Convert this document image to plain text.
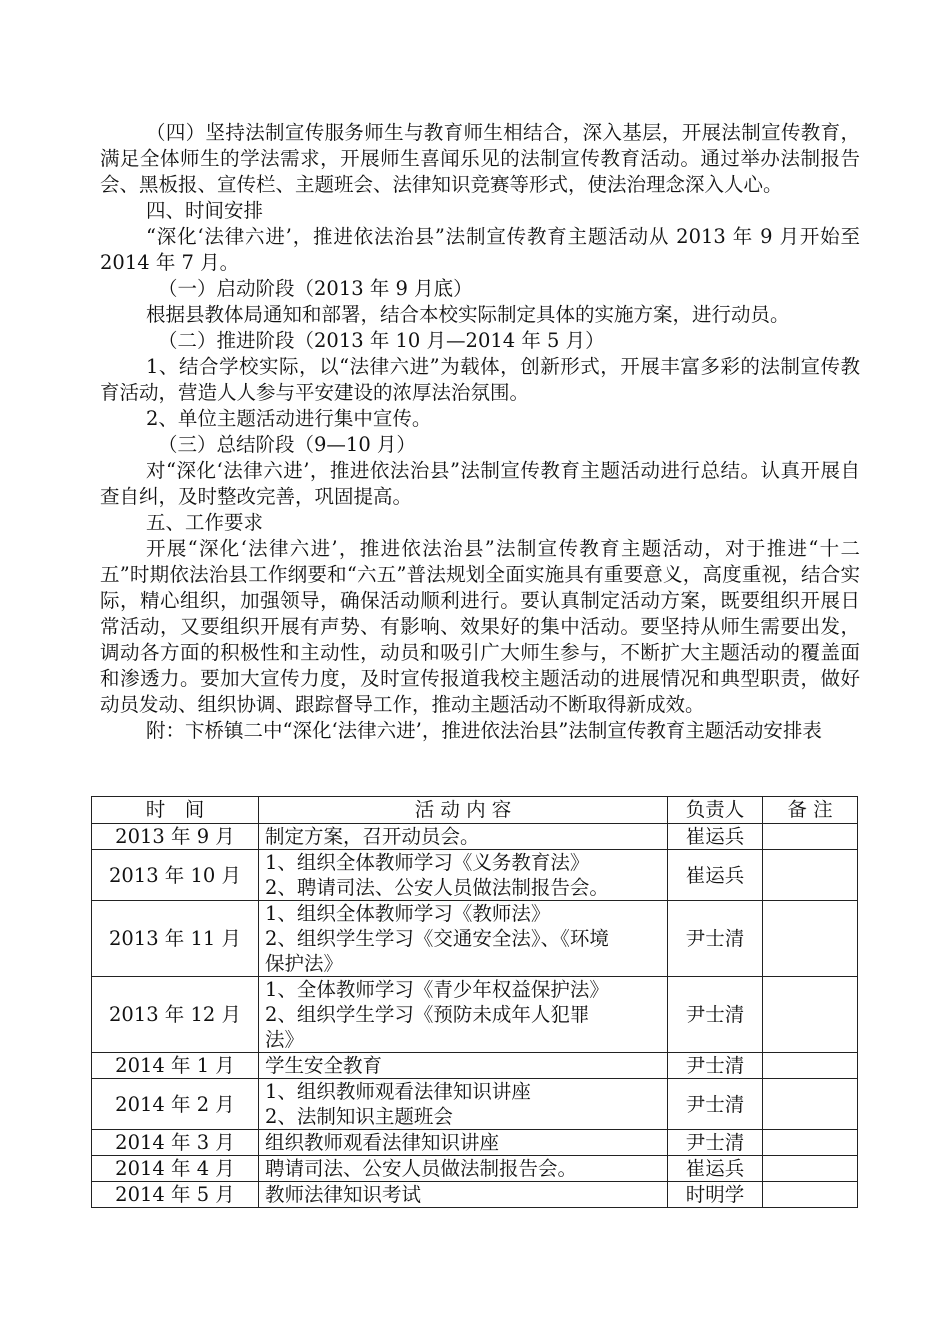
（四）坚持法制宣传服务师生与教育师生相结合，深入基层，开展法制宣传教育，满足全体师生的学法需求，开展师生喜闻乐见的法制宣传教育活动。通过举办法制报告会、黑板报、宣传栏、主题班会、法律知识竞赛等形式，使法治理念深入人心。

四、时间安排

“深化‘法律六进’，推进依法治县”法制宣传教育主题活动从 2013 年 9 月开始至 2014 年 7 月。

（一）启动阶段（2013 年 9 月底）

根据县教体局通知和部署，结合本校实际制定具体的实施方案，进行动员。

（二）推进阶段（2013 年 10 月—2014 年 5 月）

1、结合学校实际，以“法律六进”为载体，创新形式，开展丰富多彩的法制宣传教育活动，营造人人参与平安建设的浓厚法治氛围。

2、单位主题活动进行集中宣传。

（三）总结阶段（9—10 月）

对“深化‘法律六进’，推进依法治县”法制宣传教育主题活动进行总结。认真开展自查自纠，及时整改完善，巩固提高。

五、工作要求

开展“深化‘法律六进’，推进依法治县”法制宣传教育主题活动，对于推进“十二五”时期依法治县工作纲要和“六五”普法规划全面实施具有重要意义，高度重视，结合实际，精心组织，加强领导，确保活动顺利进行。要认真制定活动方案，既要组织开展日常活动，又要组织开展有声势、有影响、效果好的集中活动。要坚持从师生需要出发，调动各方面的积极性和主动性，动员和吸引广大师生参与，不断扩大主题活动的覆盖面和渗透力。要加大宣传力度，及时宣传报道我校主题活动的进展情况和典型职责，做好动员发动、组织协调、跟踪督导工作，推动主题活动不断取得新成效。

附：卞桥镇二中“深化‘法律六进’，推进依法治县”法制宣传教育主题活动安排表

时　间	活 动 内 容	负责人	备 注
2013 年 9 月	制定方案，召开动员会。	崔运兵	
2013 年 10 月	1、组织全体教师学习《义务教育法》
2、聘请司法、公安人员做法制报告会。	崔运兵	
2013 年 11 月	1、组织全体教师学习《教师法》
2、组织学生学习《交通安全法》、《环境
保护法》	尹士清	
2013 年 12 月	1、全体教师学习《青少年权益保护法》
2、组织学生学习《预防未成年人犯罪
法》	尹士清	
2014 年 1 月	学生安全教育	尹士清	
2014 年 2 月	1、组织教师观看法律知识讲座
2、法制知识主题班会	尹士清	
2014 年 3 月	组织教师观看法律知识讲座	尹士清	
2014 年 4 月	聘请司法、公安人员做法制报告会。	崔运兵	
2014 年 5 月	教师法律知识考试	时明学	
